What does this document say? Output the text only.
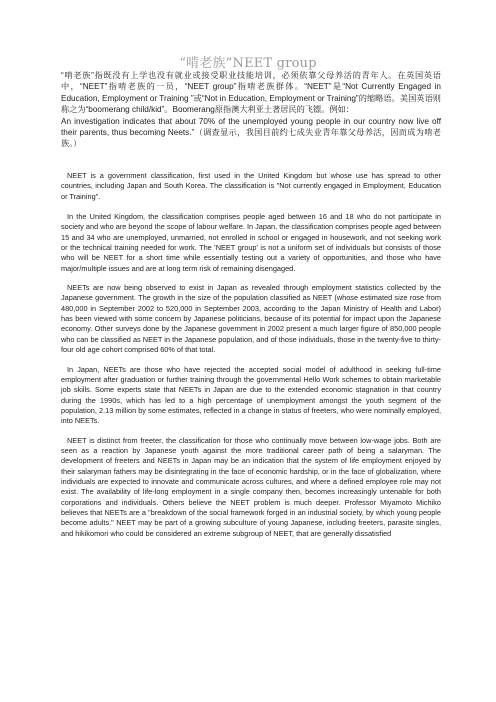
“啃老族”NEET group

“啃老族”指既没有上学也没有就业或接受职业技能培训，必须依靠父母养活的青年人。在英国英语中，“NEET”指啃老族的一员，“NEET group”指啃老族群体。“NEET”是“Not Currently Engaged in Education, Employment or Training ”或“Not in Education, Employment or Training”的缩略语。美国英语则称之为“boomerang child/kid”。Boomerang原指澳大利亚土著居民的飞镖。例如：

An investigation indicates that about 70% of the unemployed young people in our country now live off their parents, thus becoming Neets.”（调查显示，我国目前约七成失业青年靠父母养活，因而成为啃老族。）

NEET is a government classification, first used in the United Kingdom but whose use has spread to other countries, including Japan and South Korea. The classification is "Not currently engaged in Employment, Education or Training".

In the United Kingdom, the classification comprises people aged between 16 and 18 who do not participate in society and who are beyond the scope of labour welfare. In Japan, the classification comprises people aged between 15 and 34 who are unemployed, unmarried, not enrolled in school or engaged in housework, and not seeking work or the technical training needed for work. The 'NEET group' is not a uniform set of individuals but consists of those who will be NEET for a short time while essentially testing out a variety of opportunities, and those who have major/multiple issues and are at long term risk of remaining disengaged.

NEETs are now being observed to exist in Japan as revealed through employment statistics collected by the Japanese government. The growth in the size of the population classified as NEET (whose estimated size rose from 480,000 in September 2002 to 520,000 in September 2003, according to the Japan Ministry of Health and Labor) has been viewed with some concern by Japanese politicians, because of its potential for impact upon the Japanese economy. Other surveys done by the Japanese government in 2002 present a much larger figure of 850,000 people who can be classified as NEET in the Japanese population, and of those individuals, those in the twenty-five to thirty-four old age cohort comprised 60% of that total.

In Japan, NEETs are those who have rejected the accepted social model of adulthood in seeking full-time employment after graduation or further training through the governmental Hello Work schemes to obtain marketable job skills. Some experts state that NEETs in Japan are due to the extended economic stagnation in that country during the 1990s, which has led to a high percentage of unemployment amongst the youth segment of the population, 2.13 million by some estimates, reflected in a change in status of freeters, who were nominally employed, into NEETs.

NEET is distinct from freeter, the classification for those who continually move between low-wage jobs. Both are seen as a reaction by Japanese youth against the more traditional career path of being a salaryman. The development of freeters and NEETs in Japan may be an indication that the system of life employment enjoyed by their salaryman fathers may be disintegrating in the face of economic hardship, or in the face of globalization, where individuals are expected to innovate and communicate across cultures, and where a defined employee role may not exist. The availability of life-long employment in a single company then, becomes increasingly untenable for both corporations and individuals. Others believe the NEET problem is much deeper. Professor Miyamoto Michiko believes that NEETs are a "breakdown of the social framework forged in an industrial society, by which young people become adults." NEET may be part of a growing subculture of young Japanese, including freeters, parasite singles, and hikikomori who could be considered an extreme subgroup of NEET, that are generally dissatisfied
